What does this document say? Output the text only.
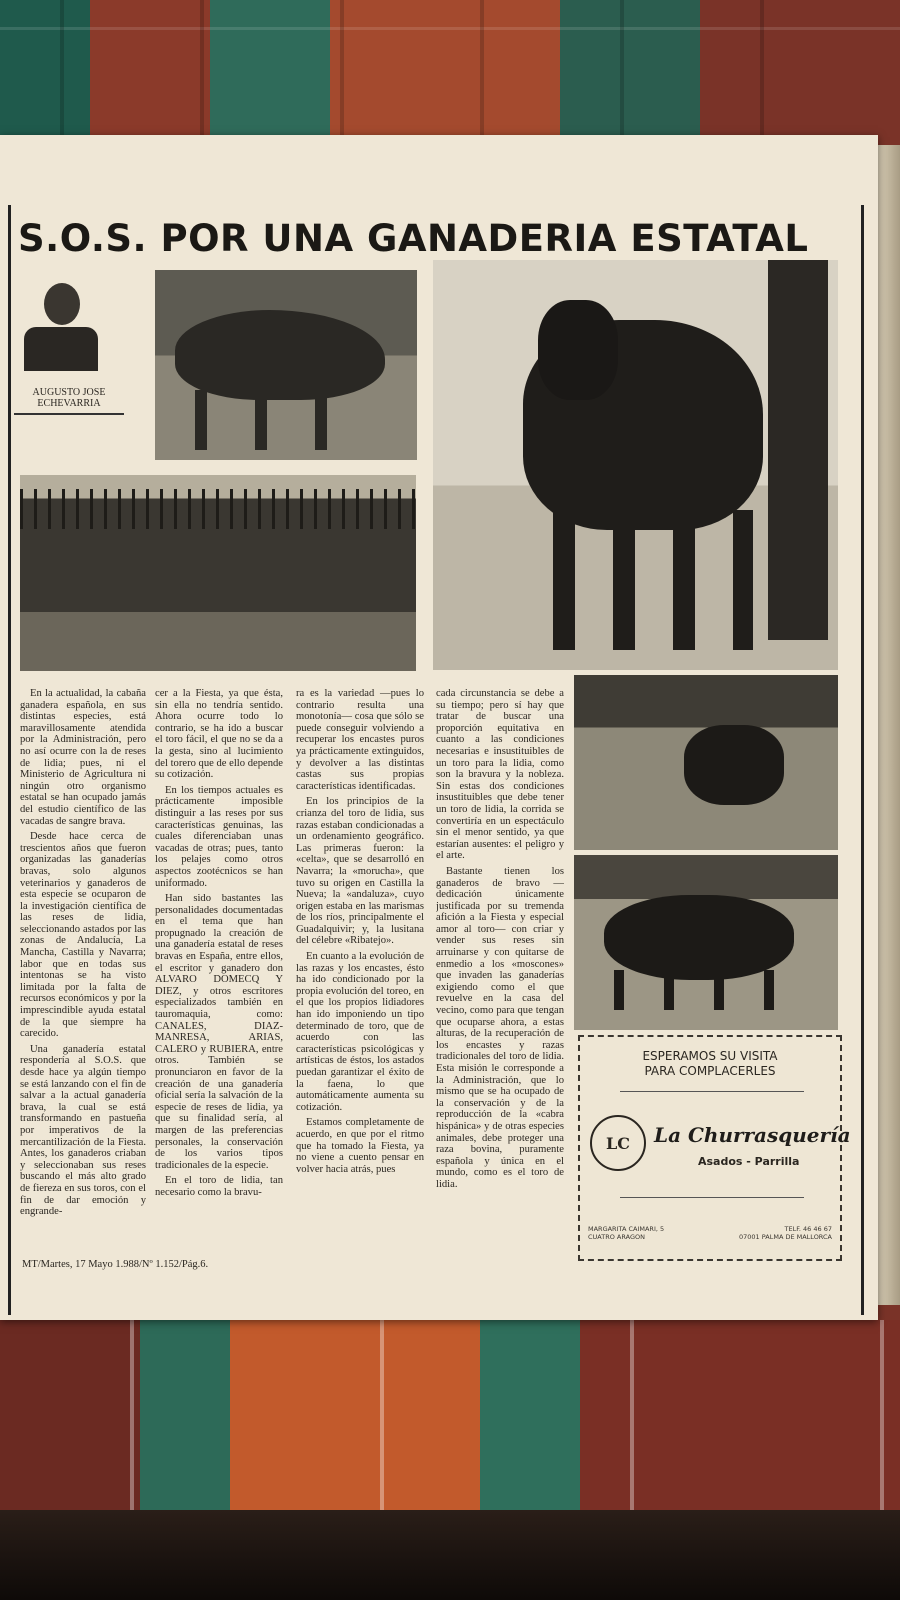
S.O.S. POR UNA GANADERIA ESTATAL
AUGUSTO JOSE ECHEVARRIA

En la actualidad, la cabaña ganadera española, en sus distintas especies, está maravillosamente atendida por la Administración, pero no así ocurre con la de reses de lidia; pues, ni el Ministerio de Agricultura ni ningún otro organismo estatal se han ocupado jamás del estudio científico de las vacadas de sangre brava.

Desde hace cerca de trescientos años que fueron organizadas las ganaderías bravas, solo algunos veterinarios y ganaderos de esta especie se ocuparon de la investigación científica de las reses de lidia, seleccionando astados por las zonas de Andalucía, La Mancha, Castilla y Navarra; labor que en todas sus intentonas se ha visto limitada por la falta de recursos económicos y por la imprescindible ayuda estatal de la que siempre ha carecido.

Una ganadería estatal respondería al S.O.S. que desde hace ya algún tiempo se está lanzando con el fin de salvar a la actual ganadería brava, la cual se está transformando en pastueña por imperativos de la mercantilización de la Fiesta. Antes, los ganaderos criaban y seleccionaban sus reses buscando el más alto grado de fiereza en sus toros, con el fin de dar emoción y engrande-

cer a la Fiesta, ya que ésta, sin ella no tendría sentido. Ahora ocurre todo lo contrario, se ha ido a buscar el toro fácil, el que no se da a la gesta, sino al lucimiento del torero que de ello depende su cotización.

En los tiempos actuales es prácticamente imposible distinguir a las reses por sus características genuinas, las cuales diferenciaban unas vacadas de otras; pues, tanto los pelajes como otros aspectos zootécnicos se han uniformado.

Han sido bastantes las personalidades documentadas en el tema que han propugnado la creación de una ganadería estatal de reses bravas en España, entre ellos, el escritor y ganadero don ALVARO DOMECQ Y DIEZ, y otros escritores especializados también en tauromaquia, como: CANALES, DIAZ-MANRESA, ARIAS, CALERO y RUBIERA, entre otros. También se pronunciaron en favor de la creación de una ganadería oficial sería la salvación de la especie de reses de lidia, ya que su finalidad sería, al margen de las preferencias personales, la conservación de los varios tipos tradicionales de la especie.

En el toro de lidia, tan necesario como la bravu-

ra es la variedad —pues lo contrario resulta una monotonía— cosa que sólo se puede conseguir volviendo a recuperar los encastes puros ya prácticamente extinguidos, y devolver a las distintas castas sus propias características identificadas.

En los principios de la crianza del toro de lidia, sus razas estaban condicionadas a un ordenamiento geográfico. Las primeras fueron: la «celta», que se desarrolló en Navarra; la «morucha», que tuvo su origen en Castilla la Nueva; la «andaluza», cuyo origen estaba en las marismas de los ríos, principalmente el Guadalquivir; y, la lusitana del célebre «Ribatejo».

En cuanto a la evolución de las razas y los encastes, ésto ha ido condicionado por la propia evolución del toreo, en el que los propios lidiadores han ido imponiendo un tipo determinado de toro, que de acuerdo con las características psicológicas y artísticas de éstos, los astados puedan garantizar el éxito de la faena, lo que automáticamente aumenta su cotización.

Estamos completamente de acuerdo, en que por el ritmo que ha tomado la Fiesta, ya no viene a cuento pensar en volver hacia atrás, pues

cada circunstancia se debe a su tiempo; pero sí hay que tratar de buscar una proporción equitativa en cuanto a las condiciones necesarias e insustituibles de un toro para la lidia, como son la bravura y la nobleza. Sin estas dos condiciones insustituibles que debe tener un toro de lidia, la corrida se convertiría en un espectáculo sin el menor sentido, ya que estarían ausentes: el peligro y el arte.

Bastante tienen los ganaderos de bravo —dedicación únicamente justificada por su tremenda afición a la Fiesta y especial amor al toro— con criar y vender sus reses sin arruinarse y con quitarse de enmedio a los «moscones» que invaden las ganaderías exigiendo como el que revuelve en la casa del vecino, como para que tengan que ocuparse ahora, a estas alturas, de la recuperación de los encastes y razas tradicionales del toro de lidia. Esta misión le corresponde a la Administración, que lo mismo que se ha ocupado de la conservación y de la reproducción de la «cabra hispánica» y de otras especies animales, debe proteger una raza bovina, puramente española y única en el mundo, como es el toro de lidia.

ESPERAMOS SU VISITA
PARA COMPLACERLES
LC	La Churrasquería
Asados - Parrilla
MARGARITA CAIMARI, 5
CUATRO ARAGON
TELF. 46 46 67
07001 PALMA DE MALLORCA
MT/Martes, 17 Mayo 1.988/Nº 1.152/Pág.6.
